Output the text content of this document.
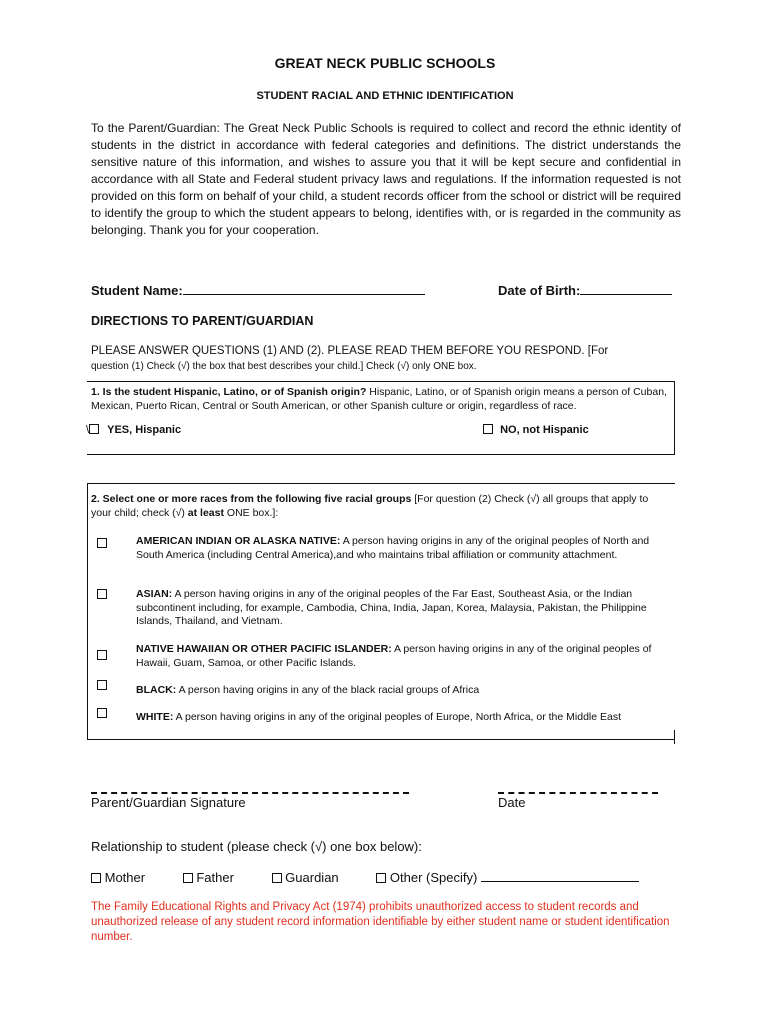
GREAT NECK PUBLIC SCHOOLS
STUDENT RACIAL AND ETHNIC IDENTIFICATION
To the Parent/Guardian: The Great Neck Public Schools is required to collect and record the ethnic identity of students in the district in accordance with federal categories and definitions. The district understands the sensitive nature of this information, and wishes to assure you that it will be kept secure and confidential in accordance with all State and Federal student privacy laws and regulations. If the information requested is not provided on this form on behalf of your child, a student records officer from the school or district will be required to identify the group to which the student appears to belong, identifies with, or is regarded in the community as belonging. Thank you for your cooperation.
Student Name:	Date of Birth:
DIRECTIONS TO PARENT/GUARDIAN
PLEASE ANSWER QUESTIONS (1) AND (2). PLEASE READ THEM BEFORE YOU RESPOND. [For
question (1) Check (√) the box that best describes your child.] Check (√) only ONE box.
1. Is the student Hispanic, Latino, or of Spanish origin? Hispanic, Latino, or of Spanish origin means a person of Cuban, Mexican, Puerto Rican, Central or South American, or other Spanish culture or origin, regardless of race.
\ YES, Hispanic	NO, not Hispanic
2. Select one or more races from the following five racial groups [For question (2) Check (√) all groups that apply to your child; check (√) at least ONE box.]:
AMERICAN INDIAN OR ALASKA NATIVE: A person having origins in any of the original peoples of North and South America (including Central America),and who maintains tribal affiliation or community attachment.
ASIAN: A person having origins in any of the original peoples of the Far East, Southeast Asia, or the Indian subcontinent including, for example, Cambodia, China, India, Japan, Korea, Malaysia, Pakistan, the Philippine Islands, Thailand, and Vietnam.
NATIVE HAWAIIAN OR OTHER PACIFIC ISLANDER: A person having origins in any of the original peoples of Hawaii, Guam, Samoa, or other Pacific Islands.
BLACK: A person having origins in any of the black racial groups of Africa
WHITE: A person having origins in any of the original peoples of Europe, North Africa, or the Middle East
Parent/Guardian Signature	Date
Relationship to student (please check (√) one box below):
Mother	Father	Guardian	Other (Specify)
The Family Educational Rights and Privacy Act (1974) prohibits unauthorized access to student records and unauthorized release of any student record information identifiable by either student name or student identification number.
